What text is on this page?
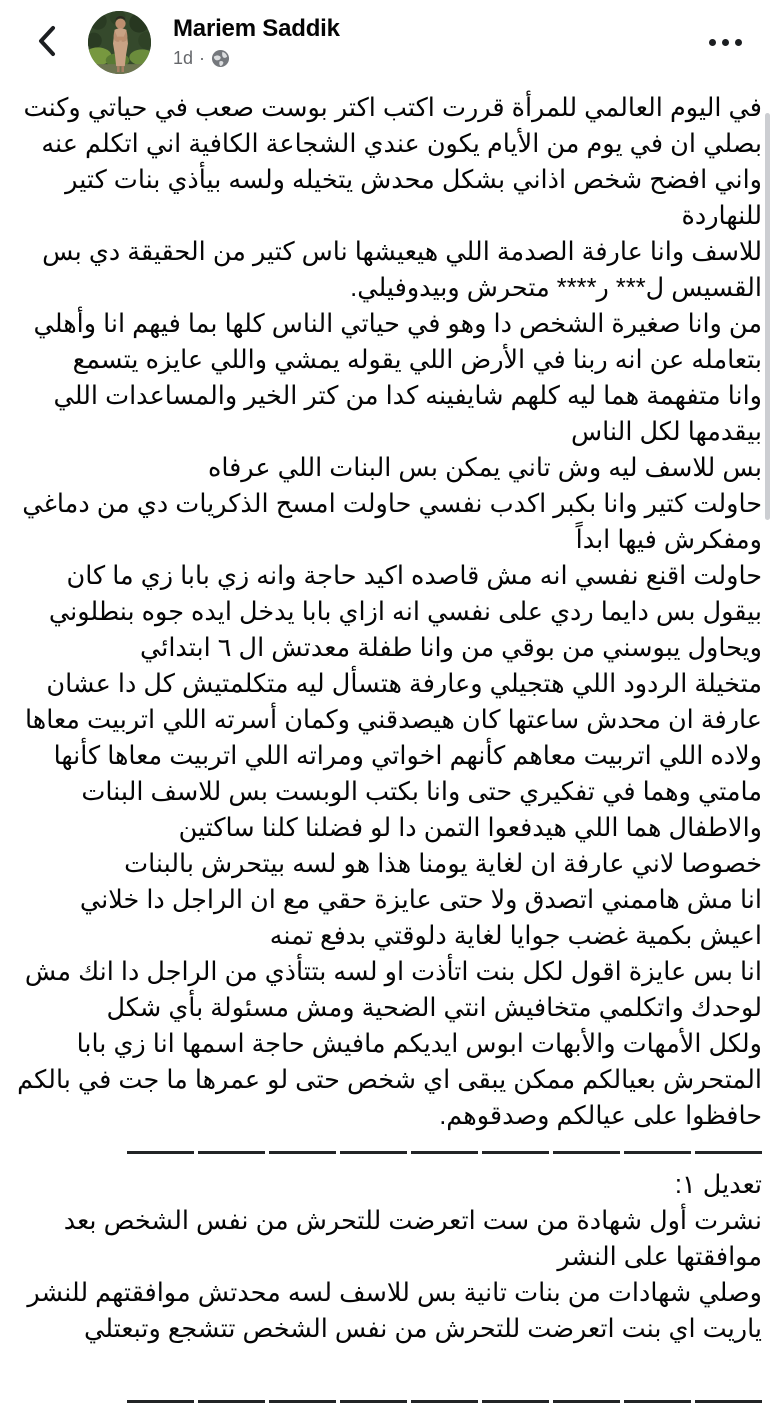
Mariem Saddik
1d ·

في اليوم العالمي للمرأة قررت اكتب اكتر بوست صعب في حياتي وكنت بصلي ان في يوم من الأيام يكون عندي الشجاعة الكافية اني اتكلم عنه واني افضح شخص اذاني بشكل محدش يتخيله ولسه بيأذي بنات كتير للنهاردة

للاسف وانا عارفة الصدمة اللي هيعيشها ناس كتير من الحقيقة دي بس القسيس ل*** ر**** متحرش وبيدوفيلي.

من وانا صغيرة الشخص دا وهو في حياتي الناس كلها بما فيهم انا وأهلي بتعامله عن انه ربنا في الأرض اللي يقوله يمشي واللي عايزه يتسمع

وانا متفهمة هما ليه كلهم شايفينه كدا من كتر الخير والمساعدات اللي بيقدمها لكل الناس

بس للاسف ليه وش تاني يمكن بس البنات اللي عرفاه

حاولت كتير وانا بكبر اكدب نفسي حاولت امسح الذكريات دي من دماغي ومفكرش فيها ابداً

حاولت اقنع نفسي انه مش قاصده اكيد حاجة وانه زي بابا زي ما كان بيقول بس دايما ردي على نفسي انه ازاي بابا يدخل ايده جوه بنطلوني ويحاول يبوسني من بوقي من وانا طفلة معدتش ال ٦ ابتدائي

متخيلة الردود اللي هتجيلي وعارفة هتسأل ليه متكلمتيش كل دا عشان عارفة ان محدش ساعتها كان هيصدقني وكمان أسرته اللي اتربيت معاها ولاده اللي اتربيت معاهم كأنهم اخواتي ومراته اللي اتربيت معاها كأنها مامتي وهما في تفكيري حتى وانا بكتب الوبست بس للاسف البنات والاطفال هما اللي هيدفعوا التمن دا لو فضلنا كلنا ساكتين

خصوصا لاني عارفة ان لغاية يومنا هذا هو لسه بيتحرش بالبنات

انا مش هاممني اتصدق ولا حتى عايزة حقي مع ان الراجل دا خلاني اعيش بكمية غضب جوايا لغاية دلوقتي بدفع تمنه

انا بس عايزة اقول لكل بنت اتأذت او لسه بتتأذي من الراجل دا انك مش لوحدك واتكلمي متخافيش انتي الضحية ومش مسئولة بأي شكل

ولكل الأمهات والأبهات ابوس ايديكم مافيش حاجة اسمها انا زي بابا المتحرش بعيالكم ممكن يبقى اي شخص حتى لو عمرها ما جت في بالكم

حافظوا على عيالكم وصدقوهم.

تعديل ١:

نشرت أول شهادة من ست اتعرضت للتحرش من نفس الشخص بعد موافقتها على النشر

وصلي شهادات من بنات تانية بس للاسف لسه محدتش موافقتهم للنشر

ياريت اي بنت اتعرضت للتحرش من نفس الشخص تتشجع وتبعتلي
